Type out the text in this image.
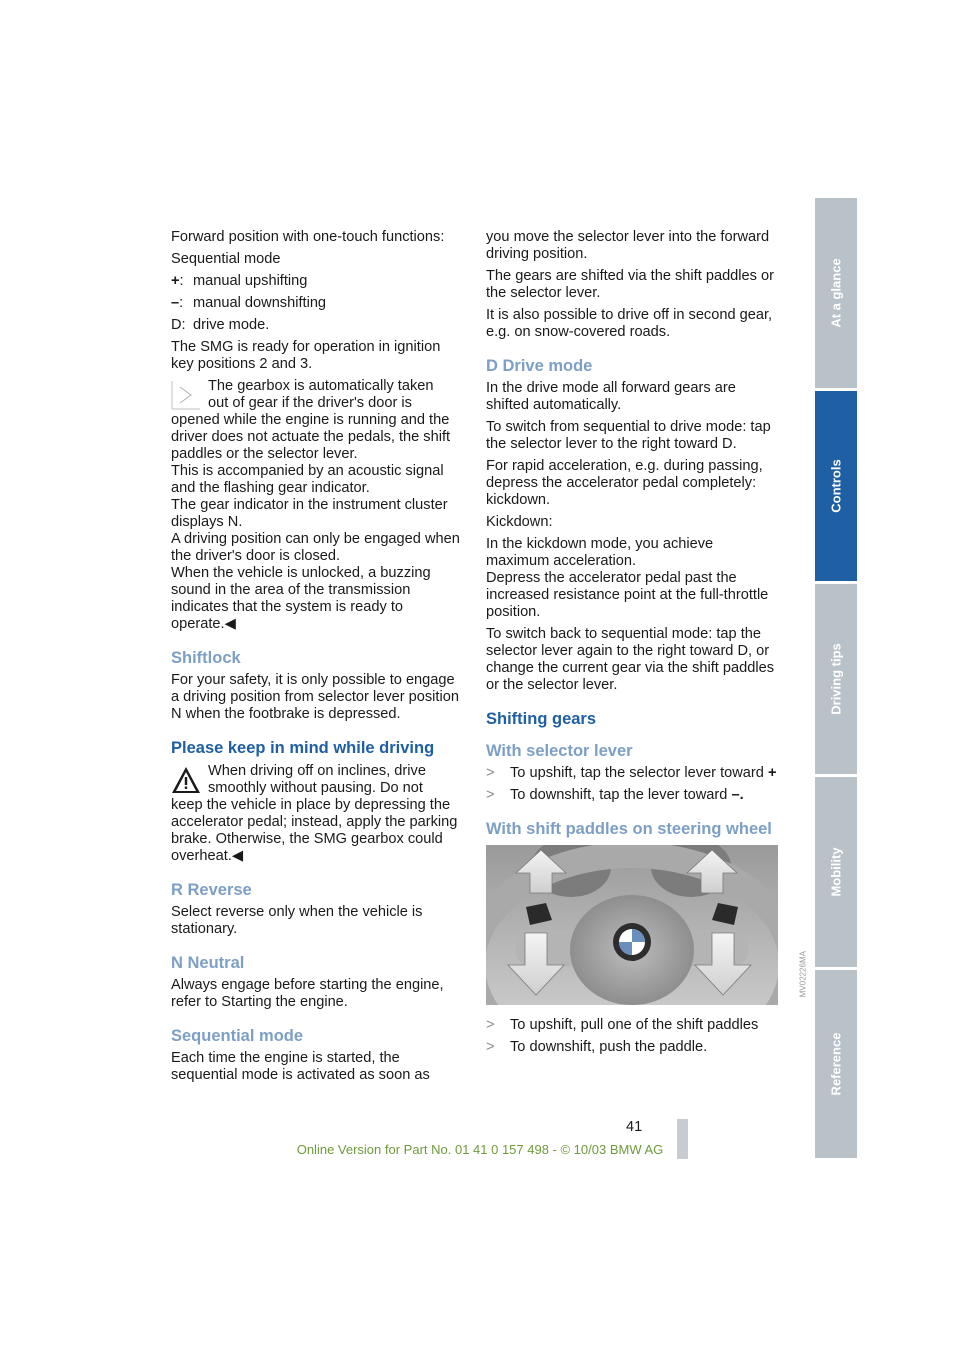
Forward position with one-touch functions:

Sequential mode

+: manual upshifting
–: manual downshifting
D: drive mode.

The SMG is ready for operation in ignition key positions 2 and 3.

The gearbox is automatically taken
out of gear if the driver's door is
opened while the engine is running and the driver does not actuate the pedals, the shift paddles or the selector lever.
This is accompanied by an acoustic signal and the flashing gear indicator.
The gear indicator in the instrument cluster displays N.
A driving position can only be engaged when the driver's door is closed.
When the vehicle is unlocked, a buzzing sound in the area of the transmission indicates that the system is ready to operate.◀
Shiftlock

For your safety, it is only possible to engage a driving position from selector lever position N when the footbrake is depressed.

Please keep in mind while driving
When driving off on inclines, drive
smoothly without pausing. Do not
keep the vehicle in place by depressing the accelerator pedal; instead, apply the parking brake. Otherwise, the SMG gearbox could overheat.◀
R Reverse

Select reverse only when the vehicle is stationary.

N Neutral

Always engage before starting the engine, refer to Starting the engine.

Sequential mode

Each time the engine is started, the sequential mode is activated as soon as

you move the selector lever into the forward driving position.

The gears are shifted via the shift paddles or the selector lever.

It is also possible to drive off in second gear, e.g. on snow-covered roads.

D Drive mode

In the drive mode all forward gears are shifted automatically.

To switch from sequential to drive mode: tap the selector lever to the right toward D.

For rapid acceleration, e.g. during passing, depress the accelerator pedal completely: kickdown.

Kickdown:

In the kickdown mode, you achieve maximum acceleration.
Depress the accelerator pedal past the increased resistance point at the full-throttle position.

To switch back to sequential mode: tap the selector lever again to the right toward D, or change the current gear via the shift paddles or the selector lever.

Shifting gears
With selector lever
>	To upshift, tap the selector lever toward +
>	To downshift, tap the lever toward –.
With shift paddles on steering wheel
MV02226MA
>	To upshift, pull one of the shift paddles
>	To downshift, push the paddle.
At a glance
Controls
Driving tips
Mobility
Reference
41
Online Version for Part No. 01 41 0 157 498 - © 10/03 BMW AG
